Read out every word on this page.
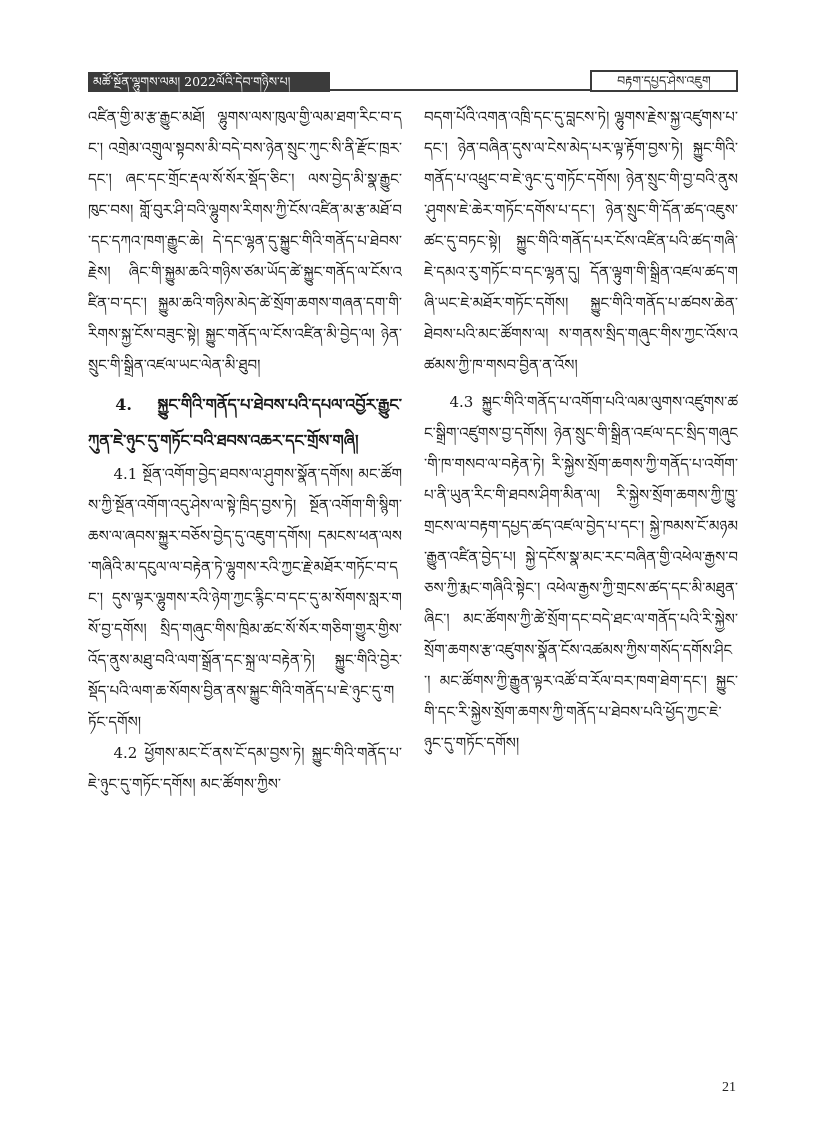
མཚོ་སྔོན་ལྷུགས་ལམ། 2022ལོའི་དེབ་གཉིས་པ།	བརྟག་དཔྱད་ཤེས་འཇུག

འཛིན་གྱི་མ་རྩ་རྒྱུང་མཐོ། ལྷུགས་ལས་ཁུལ་གྱི་ལམ་ཐག་རིང་བ་དང་། འགྲེམ་འགྲུལ་སྟབས་མི་བདེ་བས་ཉེན་སྲུང་ཀུང་སི་ནི་རྫོང་ཁྲར་དང་། ཞང་དང་གྲོང་རྡལ་སོ་སོར་སྡོད་ཅིང་། ལས་བྱེད་མི་སྣ་རྒྱུང་ཁུང་བས། གློ་བུར་ཤི་བའི་ལྷུགས་རིགས་ཀྱི་ངོས་འཛིན་མ་རྩ་མཐོ་བ་དང་དཀའ་ཁག་རྒྱུང་ཆེ། དེ་དང་ལྷན་དུ་སྐྱུང་གིའི་གནོད་པ་ཐེབས་རྗེས། ཞིང་གི་སྐྱུམ་ཆའི་གཉིས་ཙམ་ཡོད་ཚེ་སྐྱུང་གནོད་ལ་ངོས་འཛིན་བ་དང་། སྐྱུམ་ཆའི་གཉིས་མེད་ཚེ་སྲོག་ཆགས་གཞན་དག་གི་རིགས་སྐྱ་ངོས་བཟུང་སྟེ། སྐྱུང་གནོད་ལ་ངོས་འཛིན་མི་བྱེད་ལ། ཉེན་སྲུང་གི་སྒྲིན་འཛལ་ཡང་ལེན་མི་ཐུབ།

4. སྐྱུང་གིའི་གནོད་པ་ཐེབས་པའི་དཔལ་འབྱོར་རྒྱུང་ཀུན་ཇེ་ཉུང་དུ་གཏོང་བའི་ཐབས་འཆར་དང་གྲོས་གཞི།

4.1 སྔོན་འགོག་བྱེད་ཐབས་ལ་ཤུགས་སྣོན་དགོས། མང་ཚོགས་ཀྱི་སྔོན་འགོག་འདུ་ཤེས་ལ་སྟེ་ཁྲིད་བྱས་ཏེ། སྔོན་འགོག་གི་སྙིག་ཆས་ལ་ཞབས་སྐྱུར་བཅོས་བྱེད་དུ་འཇུག་དགོས། དམངས་ཕན་ལས་གཞིའི་མ་དངུལ་ལ་བརྟེན་ཏེ་ལྷུགས་རའི་ཀྱང་རྗེ་མཐོར་གཏོང་བ་དང་། དུས་ལྟར་ལྷུགས་རའི་ཉེག་ཀྱང་རྙིང་བ་དང་དུ་མ་སོགས་སླར་གསོ་བྱ་དགོས། སྲིད་གཞུང་གིས་ཁྲིམ་ཚང་སོ་སོར་གཅིག་གྱུར་གྱིས་འོད་ནུས་མཐུ་བའི་ལག་སྒྲོན་དང་སྐྲ་ལ་བརྟེན་ཏེ། སྐྱུང་གིའི་བྱེར་སྡོད་པའི་ལག་ཆ་སོགས་བྱིན་ནས་སྐྱུང་གིའི་གནོད་པ་ཇེ་ཉུང་དུ་གཏོང་དགོས།

4.2 ཕྱོགས་མང་ངོ་ནས་ངོ་དམ་བྱས་ཏེ། སྐྱུང་གིའི་གནོད་པ་ཇེ་ཉུང་དུ་གཏོང་དགོས། མང་ཚོགས་ཀྱིས་

བདག་པོའི་འགན་འཁྲི་དང་དུ་བླངས་ཏེ། ལྷུགས་རྗེས་སྐྱ་འཛུགས་པ་དང་། ཉེན་བཞིན་དུས་ལ་ངེས་མེད་པར་ལྟ་རྟོག་བྱས་ཏེ། སྐྱུང་གིའི་གནོད་པ་འཕྲུང་བ་ཇེ་ཉུང་དུ་གཏོང་དགོས། ཉེན་སྲུང་གི་བྱ་བའི་ནུས་ཤུགས་ཇེ་ཆེར་གཏོང་དགོས་པ་དང་། ཉེན་སྲུང་གི་དོན་ཚད་འཇུས་ཚང་དུ་བཏང་སྟེ། སྐྱུང་གིའི་གནོད་པར་ངོས་འཛིན་པའི་ཚད་གཞི་ཇེ་དམའ་རུ་གཏོང་བ་དང་ལྷན་དུ། དོན་ལྟུག་གི་སྒྲིན་འཛལ་ཚད་གཞི་ཡང་ཇེ་མཐོར་གཏོང་དགོས། སྐྱུང་གིའི་གནོད་པ་ཚབས་ཆེན་ཐེབས་པའི་མང་ཚོགས་ལ། ས་གནས་སྲིད་གཞུང་གིས་ཀྱང་འོས་འཚམས་ཀྱི་ཁ་གསབ་བྱིན་ན་འོས།

4.3 སྐྱུང་གིའི་གནོད་པ་འགོག་པའི་ལམ་ལུགས་འཛུགས་ཚང་སྒྲིག་འཛུགས་བྱ་དགོས། ཉེན་སྲུང་གི་སྒྲིན་འཛལ་དང་སྲིད་གཞུང་གི་ཁ་གསབ་ལ་བརྟེན་ཏེ། རི་སྐྱེས་སྲོག་ཆགས་ཀྱི་གནོད་པ་འགོག་པ་ནི་ཡུན་རིང་གི་ཐབས་ཤིག་མིན་ལ། རི་སྐྱེས་སྲོག་ཆགས་ཀྱི་ཁྱུ་གྲངས་ལ་བརྟག་དཔྱད་ཚད་འཛལ་བྱེད་པ་དང་། སྐྱེ་ཁམས་ངོ་མཉམ་རྒྱུན་འཛིན་བྱེད་པ། སྐྱེ་དངོས་སྣ་མང་རང་བཞིན་གྱི་འཕེལ་རྒྱས་བཅས་ཀྱི་རྨང་གཞིའི་སྟེང་། འཕེལ་རྒྱས་ཀྱི་གྲངས་ཚད་དང་མི་མཐུན་ཞིང་། མང་ཚོགས་ཀྱི་ཚེ་སྲོག་དང་བདེ་ཐང་ལ་གནོད་པའི་རི་སྐྱེས་སྲོག་ཆགས་རྩ་འཛུགས་སྣོན་ངོས་འཚམས་ཀྱིས་གསོད་དགོས་ཤིང་། མང་ཚོགས་ཀྱི་རྒྱུན་ལྟར་འཚོ་བ་རོལ་བར་ཁག་ཐེག་དང་། སྐྱུང་གི་དང་རི་སྐྱེས་སྲོག་ཆགས་ཀྱི་གནོད་པ་ཐེབས་པའི་ཕྱོད་ཀྱང་ཇེ་ཉུང་དུ་གཏོང་དགོས།

21
